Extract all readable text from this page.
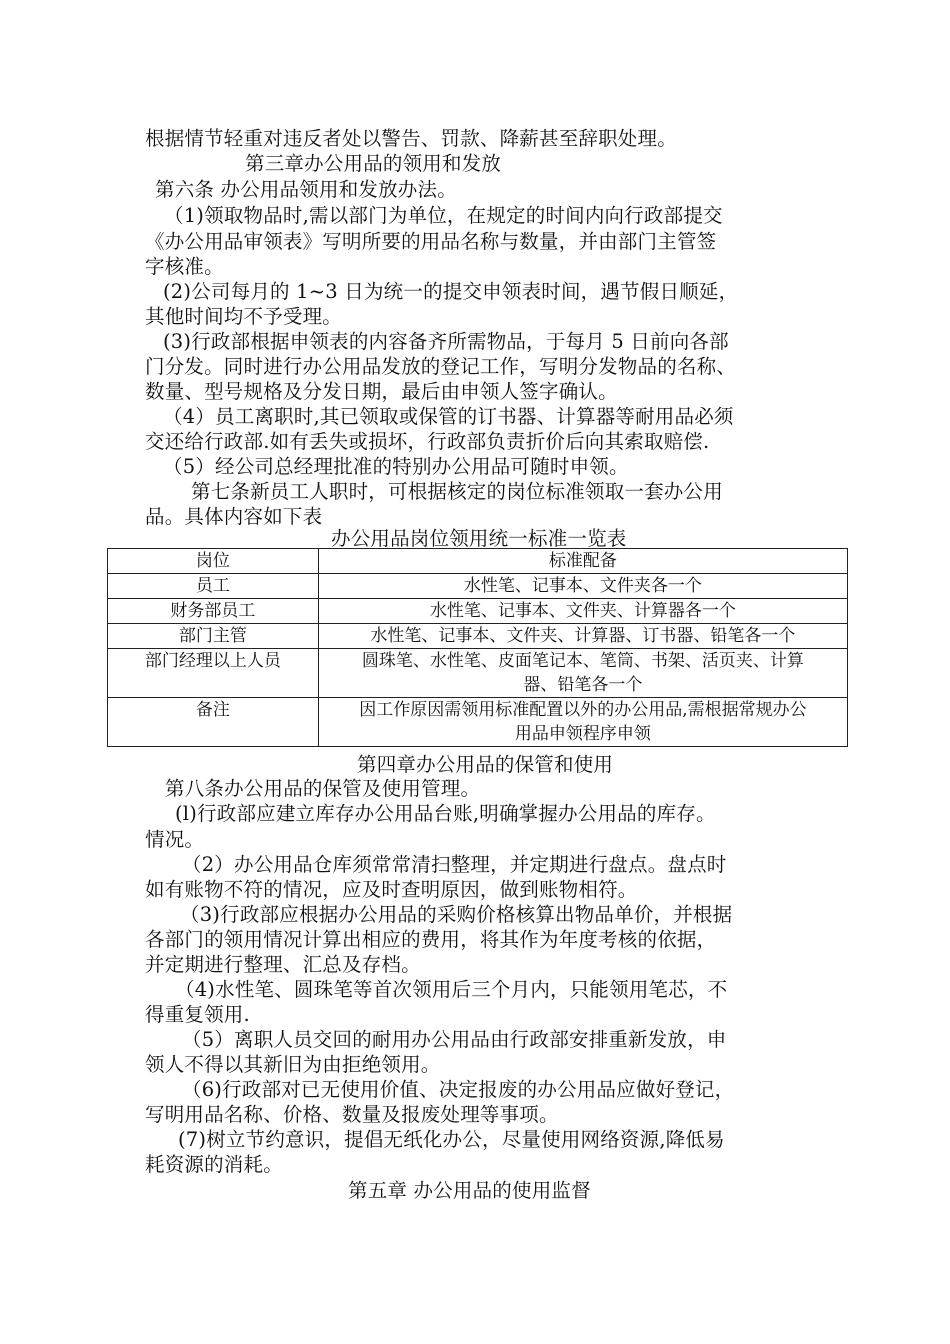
根据情节轻重对违反者处以警告、罚款、降薪甚至辞职处理。
第三章办公用品的领用和发放
第六条 办公用品领用和发放办法。
（1)领取物品时,需以部门为单位，在规定的时间内向行政部提交
《办公用品审领表》写明所要的用品名称与数量，并由部门主管签
字核准。
(2)公司每月的 1~3 日为统一的提交申领表时间，遇节假日顺延，
其他时间均不予受理。
(3)行政部根据申领表的内容备齐所需物品，于每月 5 日前向各部
门分发。同时进行办公用品发放的登记工作，写明分发物品的名称、
数量、型号规格及分发日期，最后由申领人签字确认。
（4）员工离职时,其已领取或保管的订书器、计算器等耐用品必须
交还给行政部.如有丢失或损坏，行政部负责折价后向其索取赔偿.
（5）经公司总经理批准的特别办公用品可随时申领。
第七条新员工人职时，可根据核定的岗位标准领取一套办公用
品。具体内容如下表
办公用品岗位领用统一标准一览表
岗位	标准配备
员工	水性笔、记事本、文件夹各一个

财务部员工	水性笔、记事本、文件夹、计算器各一个

部门主管	水性笔、记事本、文件夹、计算器、订书器、铅笔各一个

部门经理以上人员	圆珠笔、水性笔、皮面笔记本、笔筒、书架、活页夹、计算
器、铅笔各一个

备注	因工作原因需领用标准配置以外的办公用品,需根据常规办公
用品申领程序申领
第四章办公用品的保管和使用
第八条办公用品的保管及使用管理。
(l)行政部应建立库存办公用品台账,明确掌握办公用品的库存。
情况。
（2）办公用品仓库须常常清扫整理，并定期进行盘点。盘点时
如有账物不符的情况，应及时查明原因，做到账物相符。
（3)行政部应根据办公用品的采购价格核算出物品单价，并根据
各部门的领用情况计算出相应的费用，将其作为年度考核的依据，
并定期进行整理、汇总及存档。
（4)水性笔、圆珠笔等首次领用后三个月内，只能领用笔芯，不
得重复领用.
（5）离职人员交回的耐用办公用品由行政部安排重新发放，申
领人不得以其新旧为由拒绝领用。
（6)行政部对已无使用价值、决定报废的办公用品应做好登记，
写明用品名称、价格、数量及报废处理等事项。
(7)树立节约意识，提倡无纸化办公，尽量使用网络资源,降低易
耗资源的消耗。
第五章 办公用品的使用监督
